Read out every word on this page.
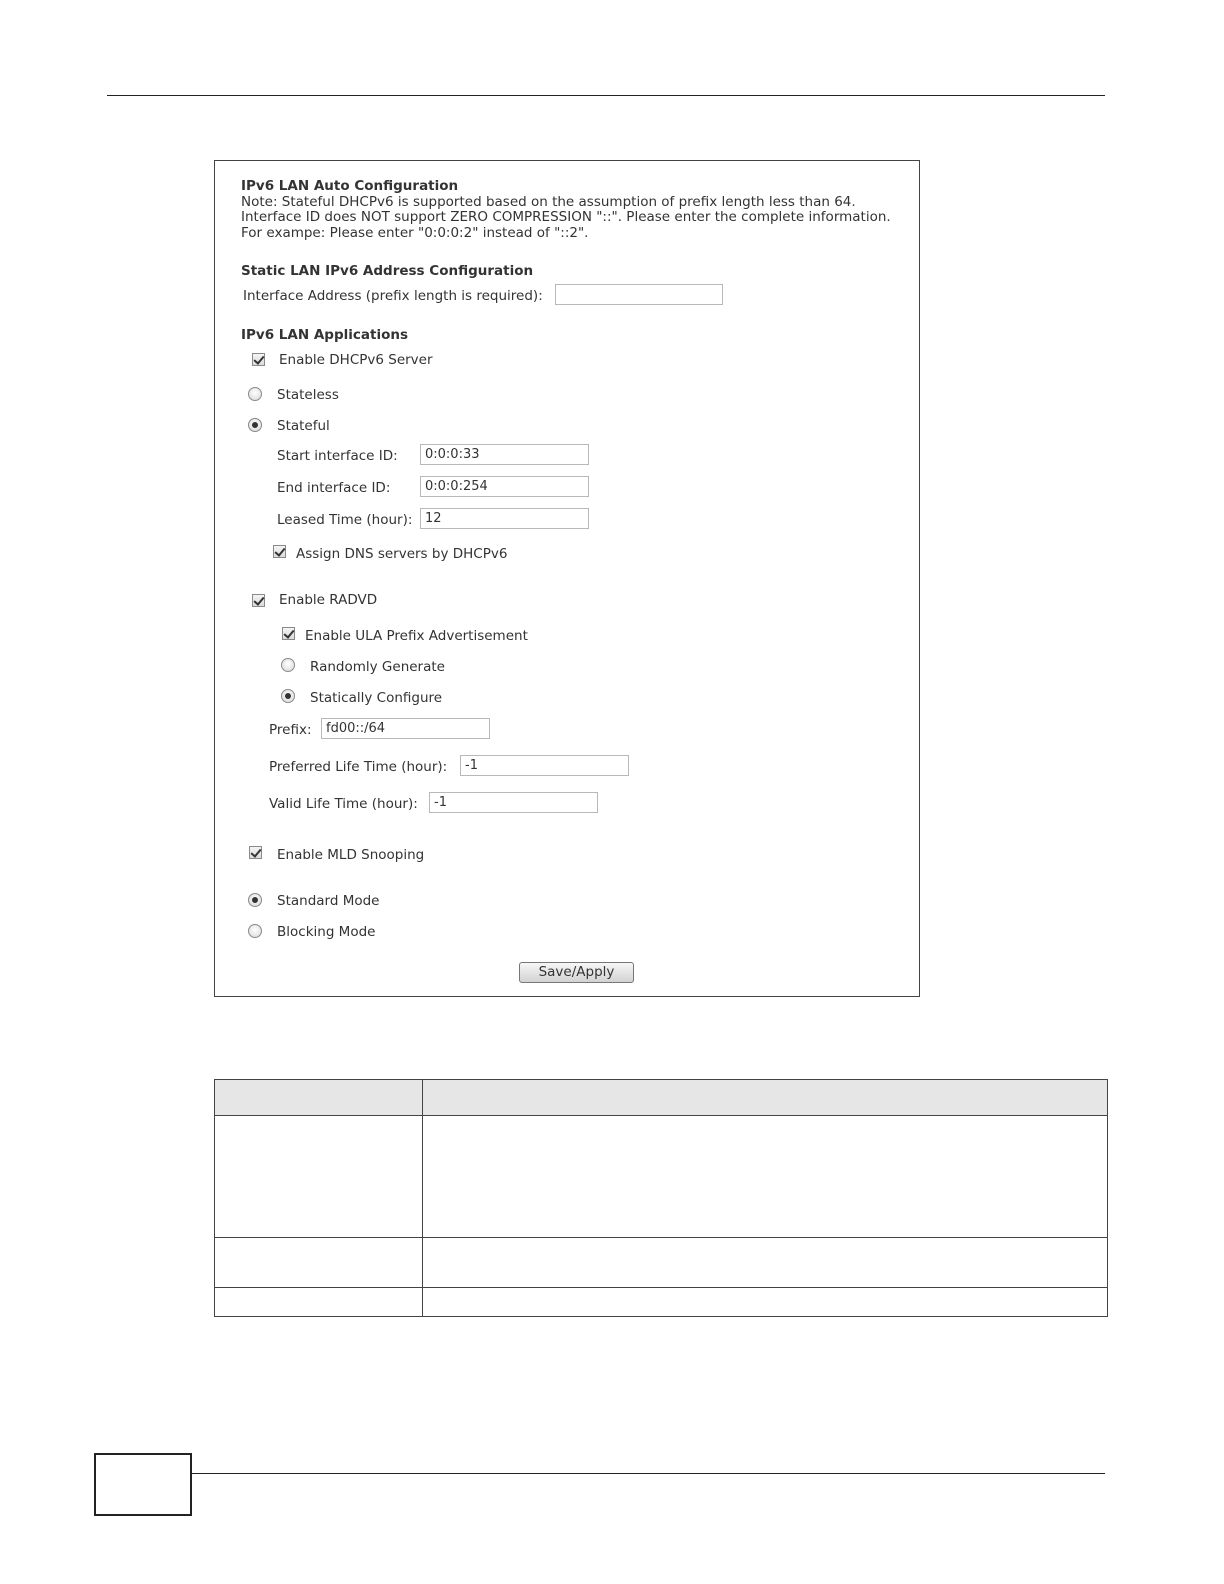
IPv6 LAN Auto Configuration
Note: Stateful DHCPv6 is supported based on the assumption of prefix length less than 64.
Interface ID does NOT support ZERO COMPRESSION "::". Please enter the complete information.
For exampe: Please enter "0:0:0:2" instead of "::2".
Static LAN IPv6 Address Configuration
Interface Address (prefix length is required):
IPv6 LAN Applications
Enable DHCPv6 Server
Stateless
Stateful
Start interface ID:
0:0:0:33
End interface ID:
0:0:0:254
Leased Time (hour):
12
Assign DNS servers by DHCPv6
Enable RADVD
Enable ULA Prefix Advertisement
Randomly Generate
Statically Configure
Prefix:
fd00::/64
Preferred Life Time (hour):
-1
Valid Life Time (hour):
-1
Enable MLD Snooping
Standard Mode
Blocking Mode
Save/Apply
